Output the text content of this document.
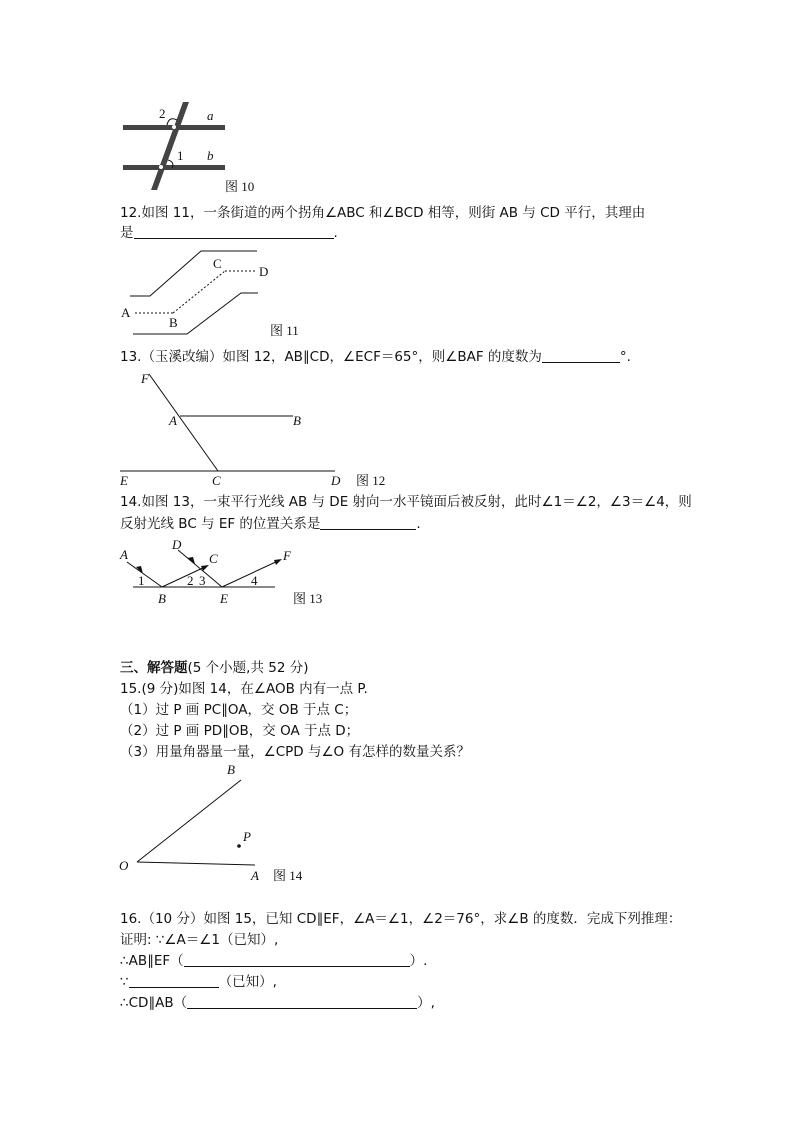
2	a
1 b
图 10
12.如图 11，一条街道的两个拐角∠ABC 和∠BCD 相等，则街 AB 与 CD 平行，其理由
是	.
A
B
C
D
图 11
13.（玉溪改编）如图 12，AB∥CD，∠ECF＝65°，则∠BAF 的度数为	°.
F
A	B
E	C	D 图 12
14.如图 13，一束平行光线 AB 与 DE 射向一水平镜面后被反射，此时∠1＝∠2，∠3＝∠4，则
反射光线 BC 与 EF 的位置关系是	.
A
D
C	F
1	2 3	4
B	E	图 13
三、解答题(5 个小题,共 52 分)
15.(9 分)如图 14，在∠AOB 内有一点 P.
（1）过 P 画 PC∥OA，交 OB 于点 C；
（2）过 P 画 PD∥OB，交 OA 于点 D；
（3）用量角器量一量，∠CPD 与∠O 有怎样的数量关系？
B
P
O
A 图 14
16.（10 分）如图 15，已知 CD∥EF，∠A＝∠1，∠2＝76°，求∠B 的度数．完成下列推理：
证明: ∵∠A＝∠1（已知）,
∴AB∥EF（	）.
∵	（已知）,
∴CD∥AB（	）,
